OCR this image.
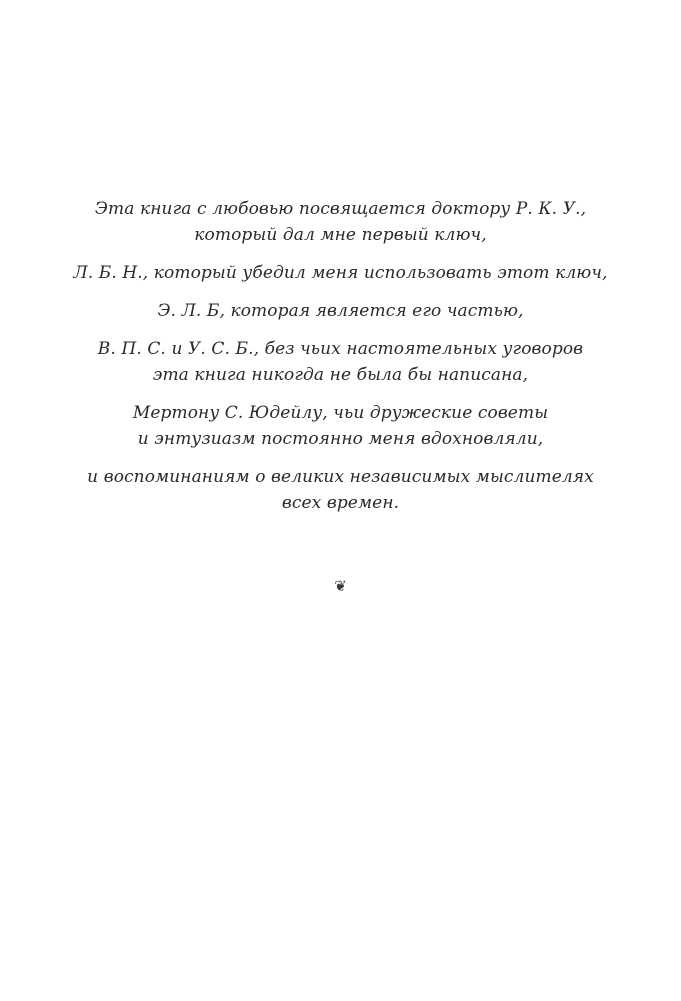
Эта книга с любовью посвящается доктору Р. К. У.,
который дал мне первый ключ,

Л. Б. Н., который убедил меня использовать этот ключ,

Э. Л. Б, которая является его частью,

В. П. С. и У. С. Б., без чьих настоятельных уговоров
эта книга никогда не была бы написана,

Мертону С. Юдейлу, чьи дружеские советы
и энтузиазм постоянно меня вдохновляли,

и воспоминаниям о великих независимых мыслителях
всех времен.

❦
